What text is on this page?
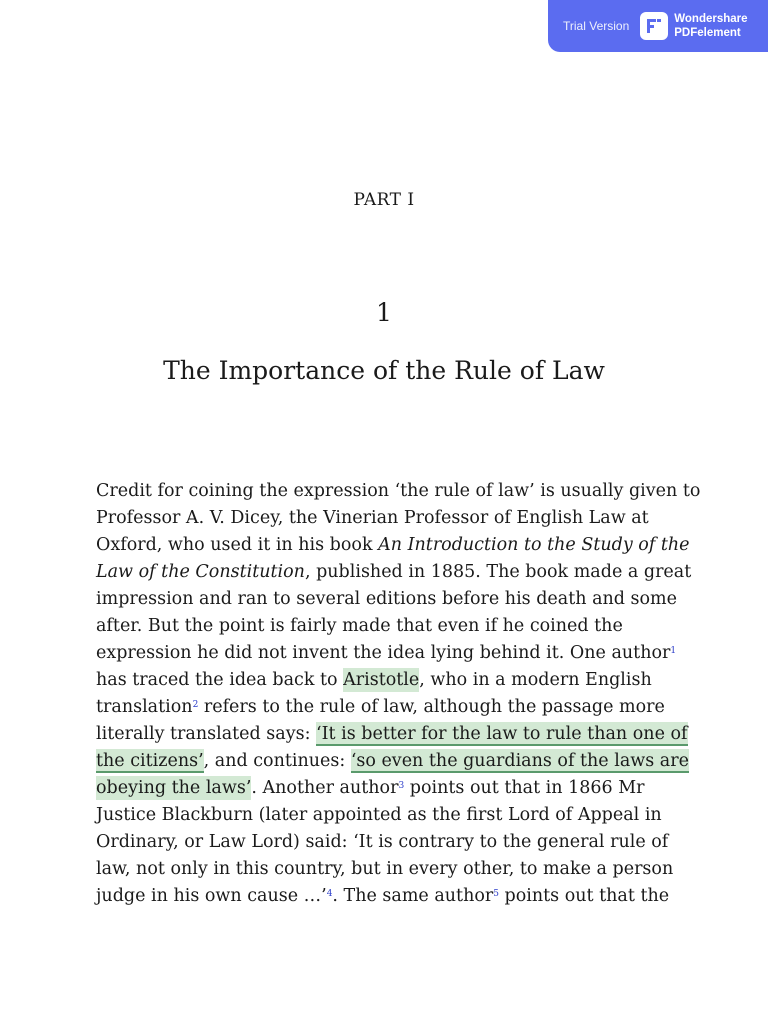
Trial Version	Wondershare
PDFelement
PART I
1
The Importance of the Rule of Law
Credit for coining the expression ‘the rule of law’ is usually given to
Professor A. V. Dicey, the Vinerian Professor of English Law at
Oxford, who used it in his book An Introduction to the Study of the
Law of the Constitution, published in 1885. The book made a great
impression and ran to several editions before his death and some
after. But the point is fairly made that even if he coined the
expression he did not invent the idea lying behind it. One author$^1$
has traced the idea back to Aristotle, who in a modern English
translation$^2$ refers to the rule of law, although the passage more
literally translated says: ‘It is better for the law to rule than one of
the citizens’, and continues: ‘so even the guardians of the laws are
obeying the laws’. Another author$^3$ points out that in 1866 Mr
Justice Blackburn (later appointed as the first Lord of Appeal in
Ordinary, or Law Lord) said: ‘It is contrary to the general rule of
law, not only in this country, but in every other, to make a person
judge in his own cause …’$^4$. The same author$^5$ points out that the
